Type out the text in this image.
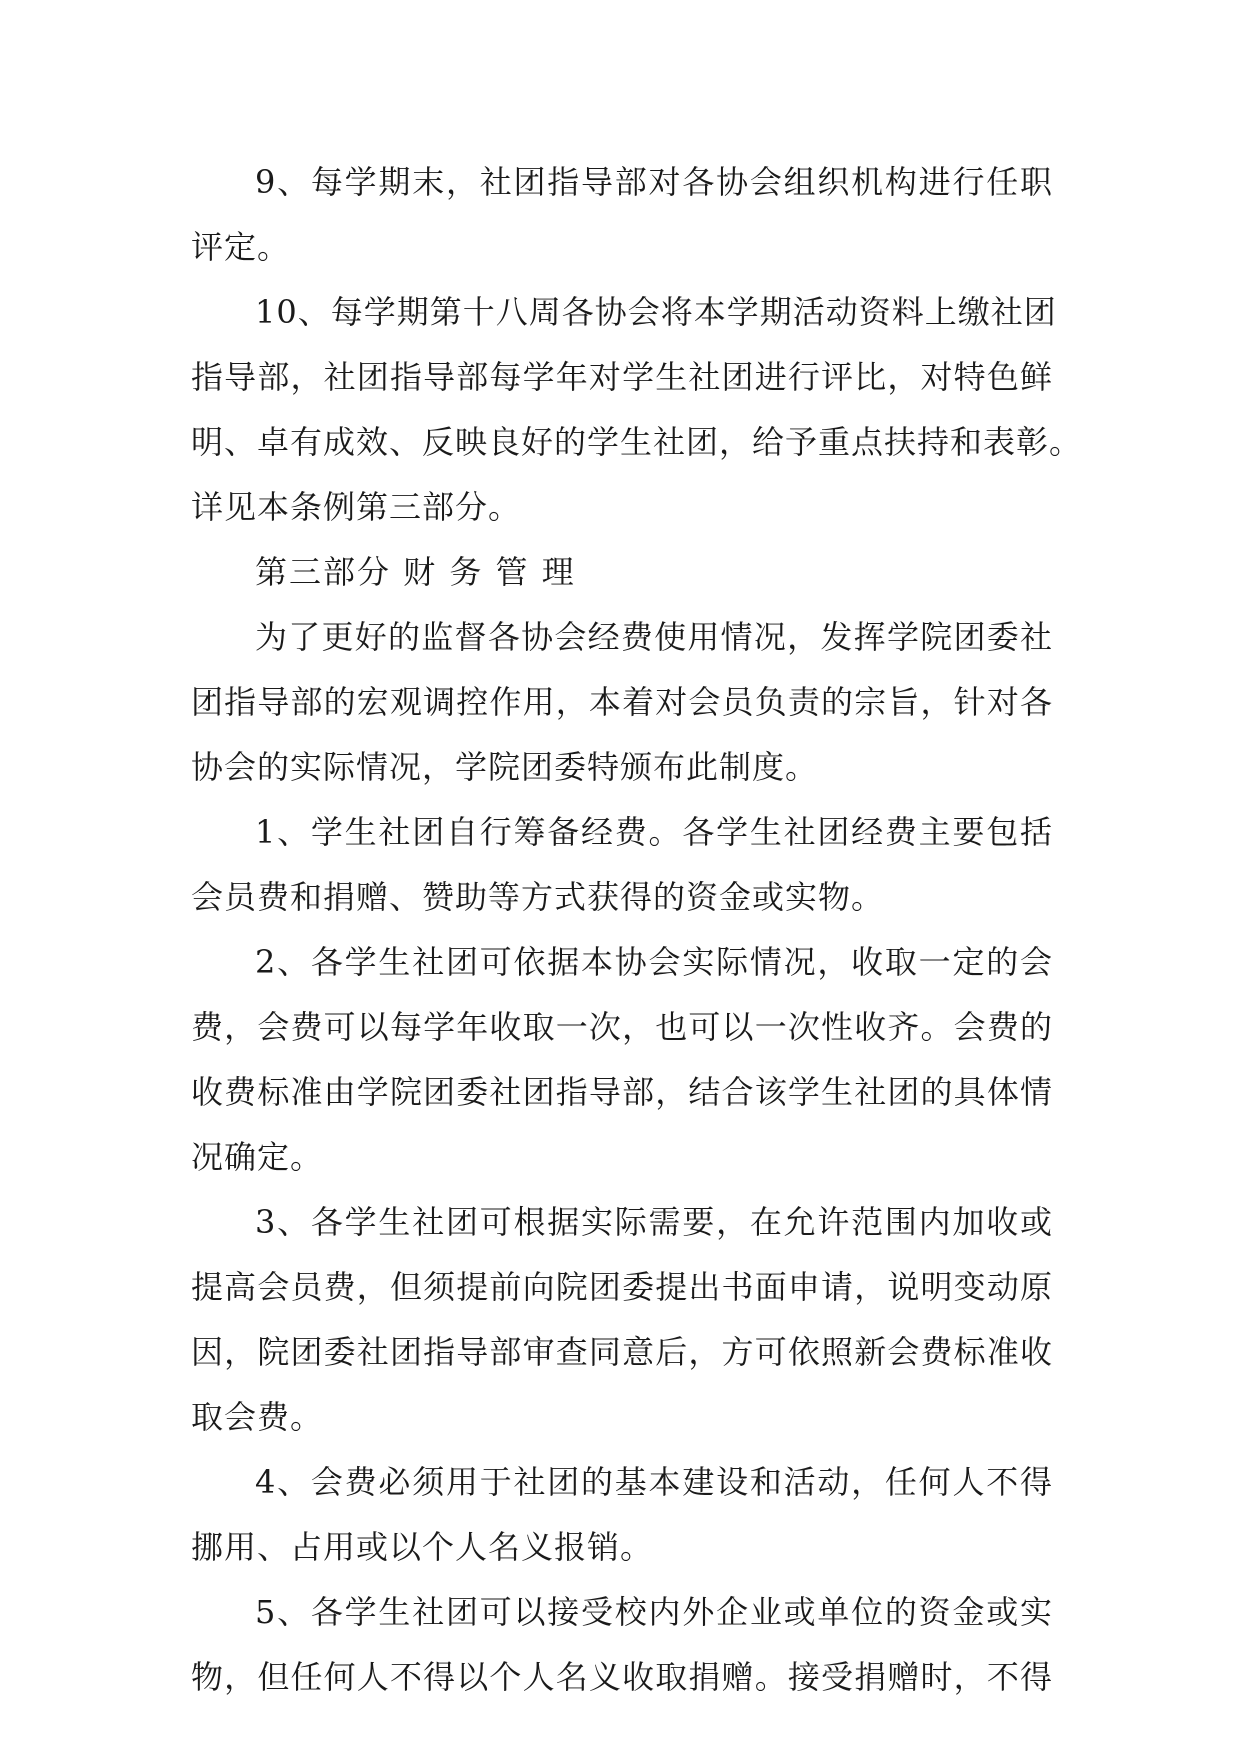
9、每学期末，社团指导部对各协会组织机构进行任职
评定。
10、每学期第十八周各协会将本学期活动资料上缴社团
指导部，社团指导部每学年对学生社团进行评比，对特色鲜
明、卓有成效、反映良好的学生社团，给予重点扶持和表彰。
详见本条例第三部分。
第三部分 财 务 管 理
为了更好的监督各协会经费使用情况，发挥学院团委社
团指导部的宏观调控作用，本着对会员负责的宗旨，针对各
协会的实际情况，学院团委特颁布此制度。
1、学生社团自行筹备经费。各学生社团经费主要包括
会员费和捐赠、赞助等方式获得的资金或实物。
2、各学生社团可依据本协会实际情况，收取一定的会
费，会费可以每学年收取一次，也可以一次性收齐。会费的
收费标准由学院团委社团指导部，结合该学生社团的具体情
况确定。
3、各学生社团可根据实际需要，在允许范围内加收或
提高会员费，但须提前向院团委提出书面申请，说明变动原
因，院团委社团指导部审查同意后，方可依照新会费标准收
取会费。
4、会费必须用于社团的基本建设和活动，任何人不得
挪用、占用或以个人名义报销。
5、各学生社团可以接受校内外企业或单位的资金或实
物，但任何人不得以个人名义收取捐赠。接受捐赠时，不得
